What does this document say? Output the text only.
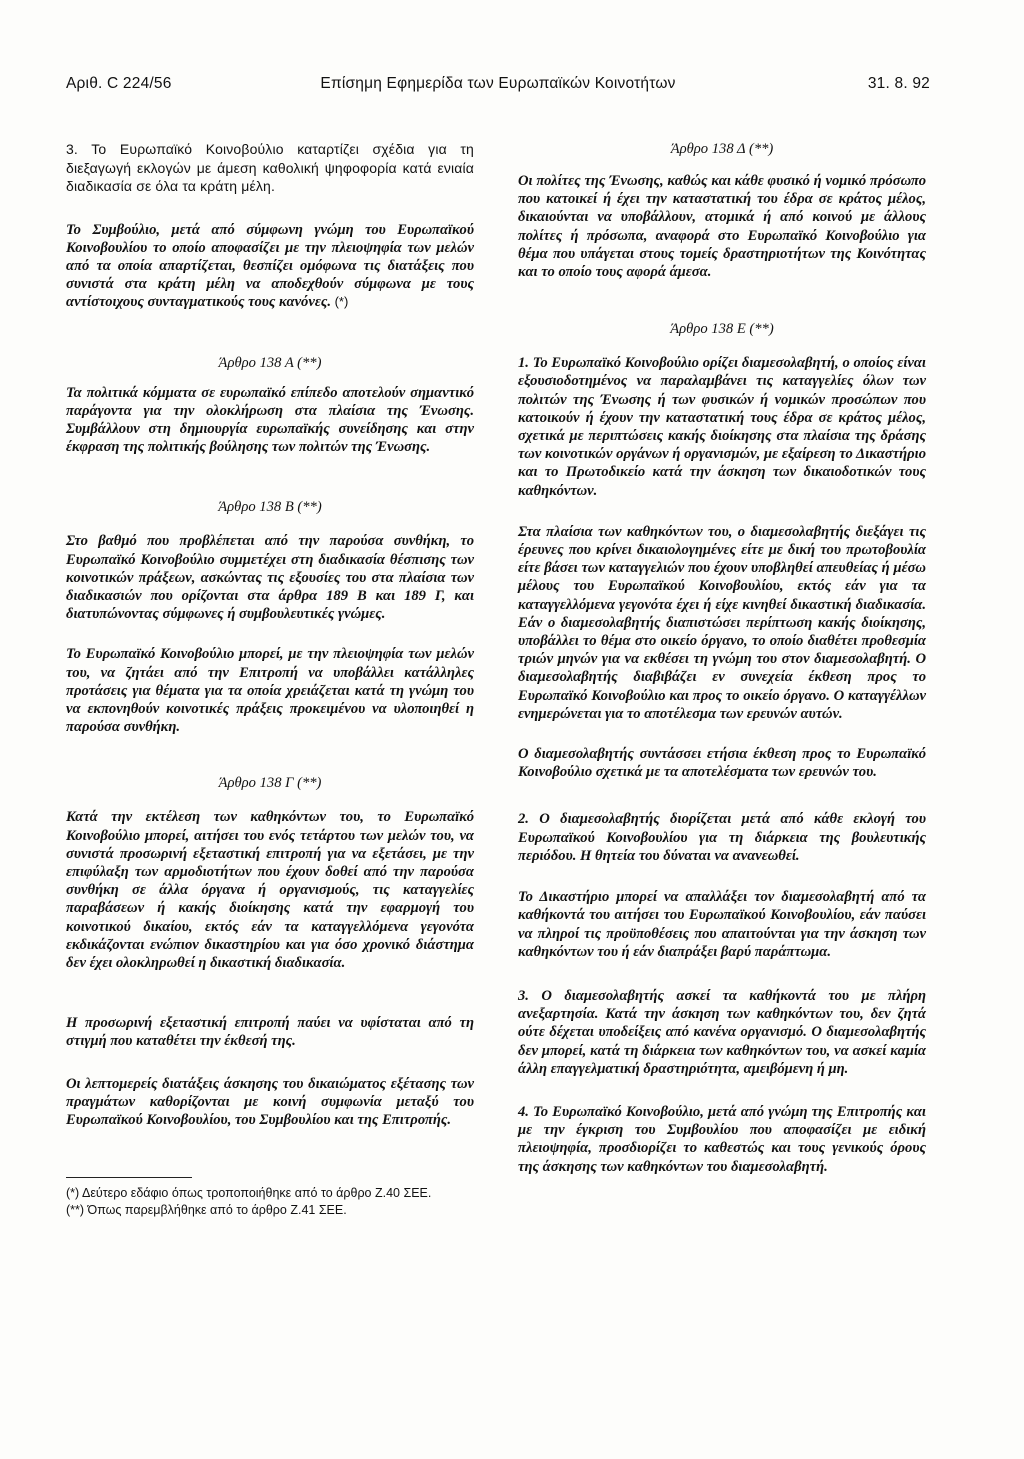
Αριθ. C 224/56	Επίσημη Εφημερίδα των Ευρωπαϊκών Κοινοτήτων	31. 8. 92

3. Το Ευρωπαϊκό Κοινοβούλιο καταρτίζει σχέδια για τη διεξαγωγή εκλογών με άμεση καθολική ψηφοφορία κατά ενιαία διαδικασία σε όλα τα κράτη μέλη.

Το Συμβούλιο, μετά από σύμφωνη γνώμη του Ευρωπαϊκού Κοινοβουλίου το οποίο αποφασίζει με την πλειοψηφία των μελών από τα οποία απαρτίζεται, θεσπίζει ομόφωνα τις διατάξεις που συνιστά στα κράτη μέλη να αποδεχθούν σύμφωνα με τους αντίστοιχους συνταγματικούς τους κανόνες. (*)

Άρθρο 138 Α (**)

Τα πολιτικά κόμματα σε ευρωπαϊκό επίπεδο αποτελούν σημαντικό παράγοντα για την ολοκλήρωση στα πλαίσια της Ένωσης. Συμβάλλουν στη δημιουργία ευρωπαϊκής συνείδησης και στην έκφραση της πολιτικής βούλησης των πολιτών της Ένωσης.

Άρθρο 138 Β (**)

Στο βαθμό που προβλέπεται από την παρούσα συνθήκη, το Ευρωπαϊκό Κοινοβούλιο συμμετέχει στη διαδικασία θέσπισης των κοινοτικών πράξεων, ασκώντας τις εξουσίες του στα πλαίσια των διαδικασιών που ορίζονται στα άρθρα 189 Β και 189 Γ, και διατυπώνοντας σύμφωνες ή συμβουλευτικές γνώμες.

Το Ευρωπαϊκό Κοινοβούλιο μπορεί, με την πλειοψηφία των μελών του, να ζητάει από την Επιτροπή να υποβάλλει κατάλληλες προτάσεις για θέματα για τα οποία χρειάζεται κατά τη γνώμη του να εκπονηθούν κοινοτικές πράξεις προκειμένου να υλοποιηθεί η παρούσα συνθήκη.

Άρθρο 138 Γ (**)

Κατά την εκτέλεση των καθηκόντων του, το Ευρωπαϊκό Κοινοβούλιο μπορεί, αιτήσει του ενός τετάρτου των μελών του, να συνιστά προσωρινή εξεταστική επιτροπή για να εξετάσει, με την επιφύλαξη των αρμοδιοτήτων που έχουν δοθεί από την παρούσα συνθήκη σε άλλα όργανα ή οργανισμούς, τις καταγγελίες παραβάσεων ή κακής διοίκησης κατά την εφαρμογή του κοινοτικού δικαίου, εκτός εάν τα καταγγελλόμενα γεγονότα εκδικάζονται ενώπιον δικαστηρίου και για όσο χρονικό διάστημα δεν έχει ολοκληρωθεί η δικαστική διαδικασία.

Η προσωρινή εξεταστική επιτροπή παύει να υφίσταται από τη στιγμή που καταθέτει την έκθεσή της.

Οι λεπτομερείς διατάξεις άσκησης του δικαιώματος εξέτασης των πραγμάτων καθορίζονται με κοινή συμφωνία μεταξύ του Ευρωπαϊκού Κοινοβουλίου, του Συμβουλίου και της Επιτροπής.

(*) Δεύτερο εδάφιο όπως τροποποιήθηκε από το άρθρο Ζ.40 ΣΕΕ.
(**) Όπως παρεμβλήθηκε από το άρθρο Ζ.41 ΣΕΕ.
Άρθρο 138 Δ (**)

Οι πολίτες της Ένωσης, καθώς και κάθε φυσικό ή νομικό πρόσωπο που κατοικεί ή έχει την καταστατική του έδρα σε κράτος μέλος, δικαιούνται να υποβάλλουν, ατομικά ή από κοινού με άλλους πολίτες ή πρόσωπα, αναφορά στο Ευρωπαϊκό Κοινοβούλιο για θέμα που υπάγεται στους τομείς δραστηριοτήτων της Κοινότητας και το οποίο τους αφορά άμεσα.

Άρθρο 138 Ε (**)

1. Το Ευρωπαϊκό Κοινοβούλιο ορίζει διαμεσολαβητή, ο οποίος είναι εξουσιοδοτημένος να παραλαμβάνει τις καταγγελίες όλων των πολιτών της Ένωσης ή των φυσικών ή νομικών προσώπων που κατοικούν ή έχουν την καταστατική τους έδρα σε κράτος μέλος, σχετικά με περιπτώσεις κακής διοίκησης στα πλαίσια της δράσης των κοινοτικών οργάνων ή οργανισμών, με εξαίρεση το Δικαστήριο και το Πρωτοδικείο κατά την άσκηση των δικαιοδοτικών τους καθηκόντων.

Στα πλαίσια των καθηκόντων του, ο διαμεσολαβητής διεξάγει τις έρευνες που κρίνει δικαιολογημένες είτε με δική του πρωτοβουλία είτε βάσει των καταγγελιών που έχουν υποβληθεί απευθείας ή μέσω μέλους του Ευρωπαϊκού Κοινοβουλίου, εκτός εάν για τα καταγγελλόμενα γεγονότα έχει ή είχε κινηθεί δικαστική διαδικασία. Εάν ο διαμεσολαβητής διαπιστώσει περίπτωση κακής διοίκησης, υποβάλλει το θέμα στο οικείο όργανο, το οποίο διαθέτει προθεσμία τριών μηνών για να εκθέσει τη γνώμη του στον διαμεσολαβητή. Ο διαμεσολαβητής διαβιβάζει εν συνεχεία έκθεση προς το Ευρωπαϊκό Κοινοβούλιο και προς το οικείο όργανο. Ο καταγγέλλων ενημερώνεται για το αποτέλεσμα των ερευνών αυτών.

Ο διαμεσολαβητής συντάσσει ετήσια έκθεση προς το Ευρωπαϊκό Κοινοβούλιο σχετικά με τα αποτελέσματα των ερευνών του.

2. Ο διαμεσολαβητής διορίζεται μετά από κάθε εκλογή του Ευρωπαϊκού Κοινοβουλίου για τη διάρκεια της βουλευτικής περιόδου. Η θητεία του δύναται να ανανεωθεί.

Το Δικαστήριο μπορεί να απαλλάξει τον διαμεσολαβητή από τα καθήκοντά του αιτήσει του Ευρωπαϊκού Κοινοβουλίου, εάν παύσει να πληροί τις προϋποθέσεις που απαιτούνται για την άσκηση των καθηκόντων του ή εάν διαπράξει βαρύ παράπτωμα.

3. Ο διαμεσολαβητής ασκεί τα καθήκοντά του με πλήρη ανεξαρτησία. Κατά την άσκηση των καθηκόντων του, δεν ζητά ούτε δέχεται υποδείξεις από κανένα οργανισμό. Ο διαμεσολαβητής δεν μπορεί, κατά τη διάρκεια των καθηκόντων του, να ασκεί καμία άλλη επαγγελματική δραστηριότητα, αμειβόμενη ή μη.

4. Το Ευρωπαϊκό Κοινοβούλιο, μετά από γνώμη της Επιτροπής και με την έγκριση του Συμβουλίου που αποφασίζει με ειδική πλειοψηφία, προσδιορίζει το καθεστώς και τους γενικούς όρους της άσκησης των καθηκόντων του διαμεσολαβητή.
